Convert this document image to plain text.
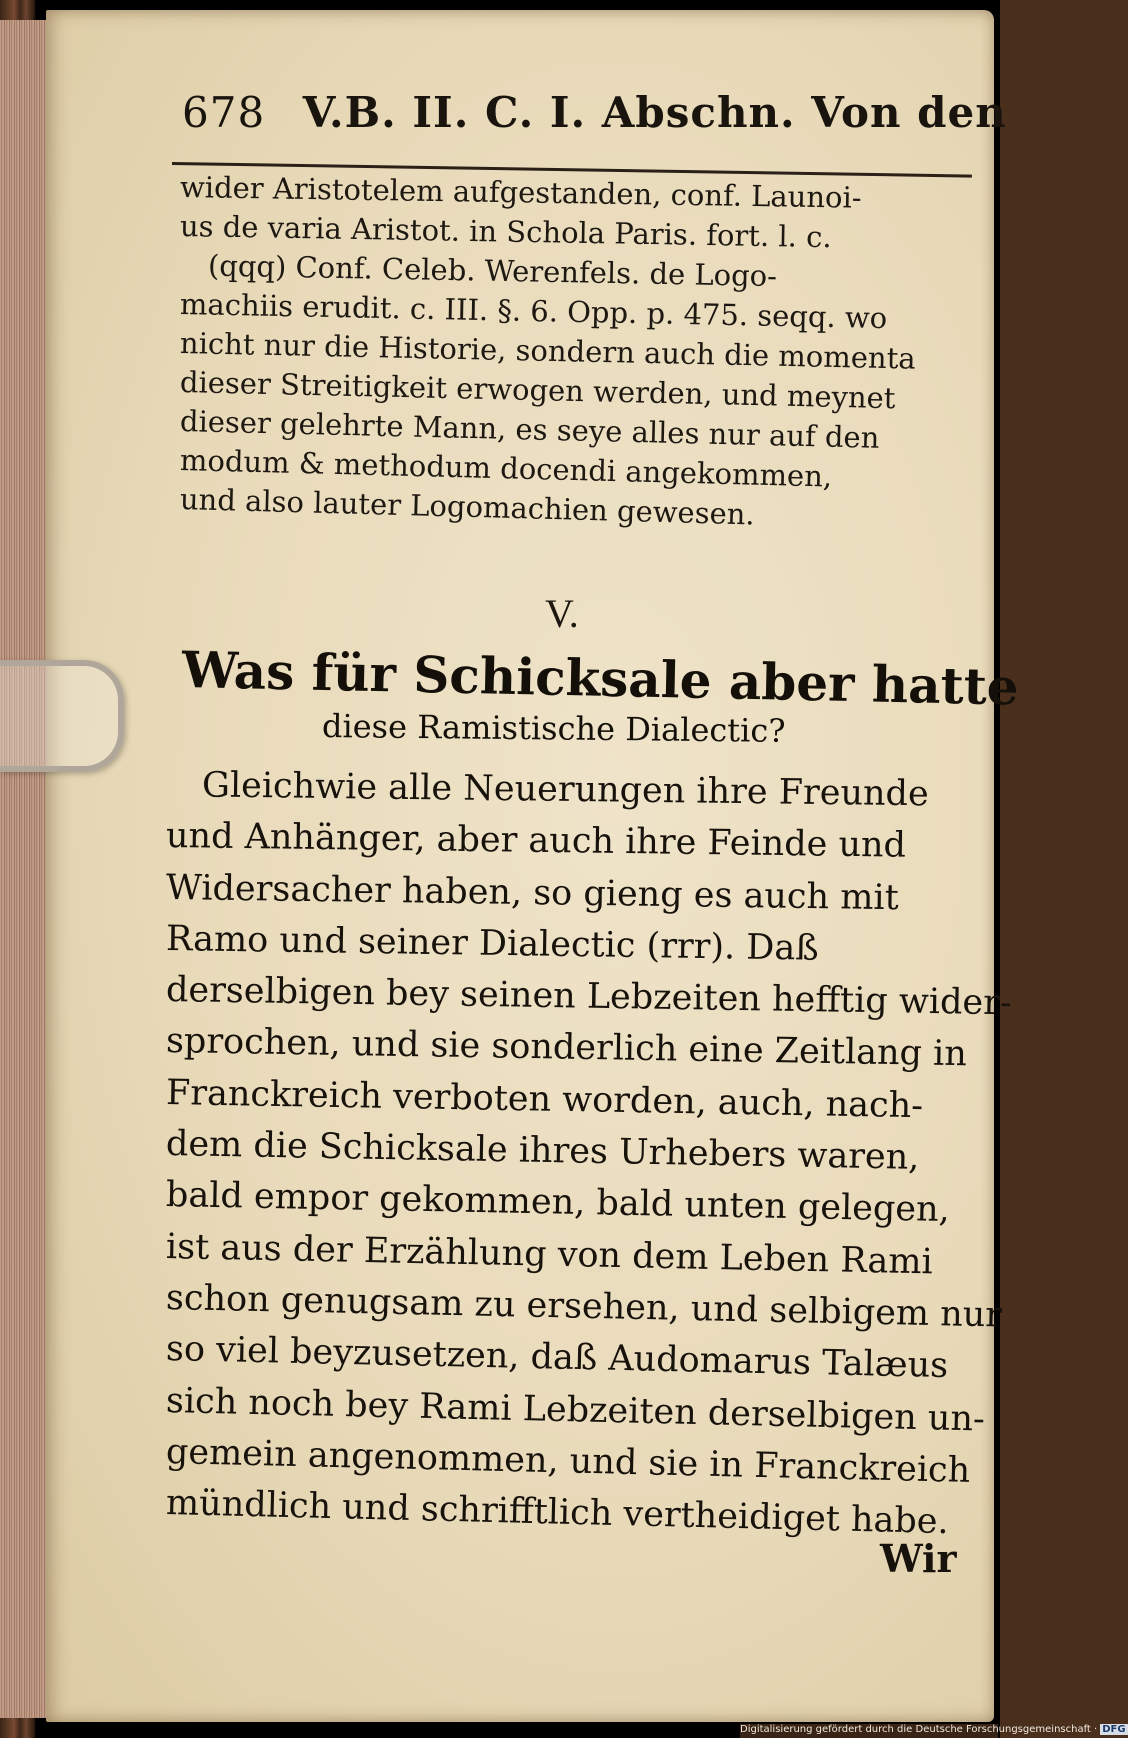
678 V.B. II. C. I. Abschn. Von den
wider Aristotelem aufgestanden, conf. Launoi-
us de varia Aristot. in Schola Paris. fort. l. c.
(qqq) Conf. Celeb. Werenfels. de Logo-
machiis erudit. c. III. §. 6. Opp. p. 475. seqq. wo
nicht nur die Historie, sondern auch die momenta
dieser Streitigkeit erwogen werden, und meynet
dieser gelehrte Mann, es seye alles nur auf den
modum & methodum docendi angekommen,
und also lauter Logomachien gewesen.
V.
Was für Schicksale aber hatte
diese Ramistische Dialectic?
Gleichwie alle Neuerungen ihre Freunde
und Anhänger, aber auch ihre Feinde und
Widersacher haben, so gieng es auch mit
Ramo und seiner Dialectic (rrr). Daß
derselbigen bey seinen Lebzeiten hefftig wider-
sprochen, und sie sonderlich eine Zeitlang in
Franckreich verboten worden, auch, nach-
dem die Schicksale ihres Urhebers waren,
bald empor gekommen, bald unten gelegen,
ist aus der Erzählung von dem Leben Rami
schon genugsam zu ersehen, und selbigem nur
so viel beyzusetzen, daß Audomarus Talæus
sich noch bey Rami Lebzeiten derselbigen un-
gemein angenommen, und sie in Franckreich
mündlich und schrifftlich vertheidiget habe.
Wir
Digitalisierung gefördert durch die Deutsche Forschungsgemeinschaft · DFG
